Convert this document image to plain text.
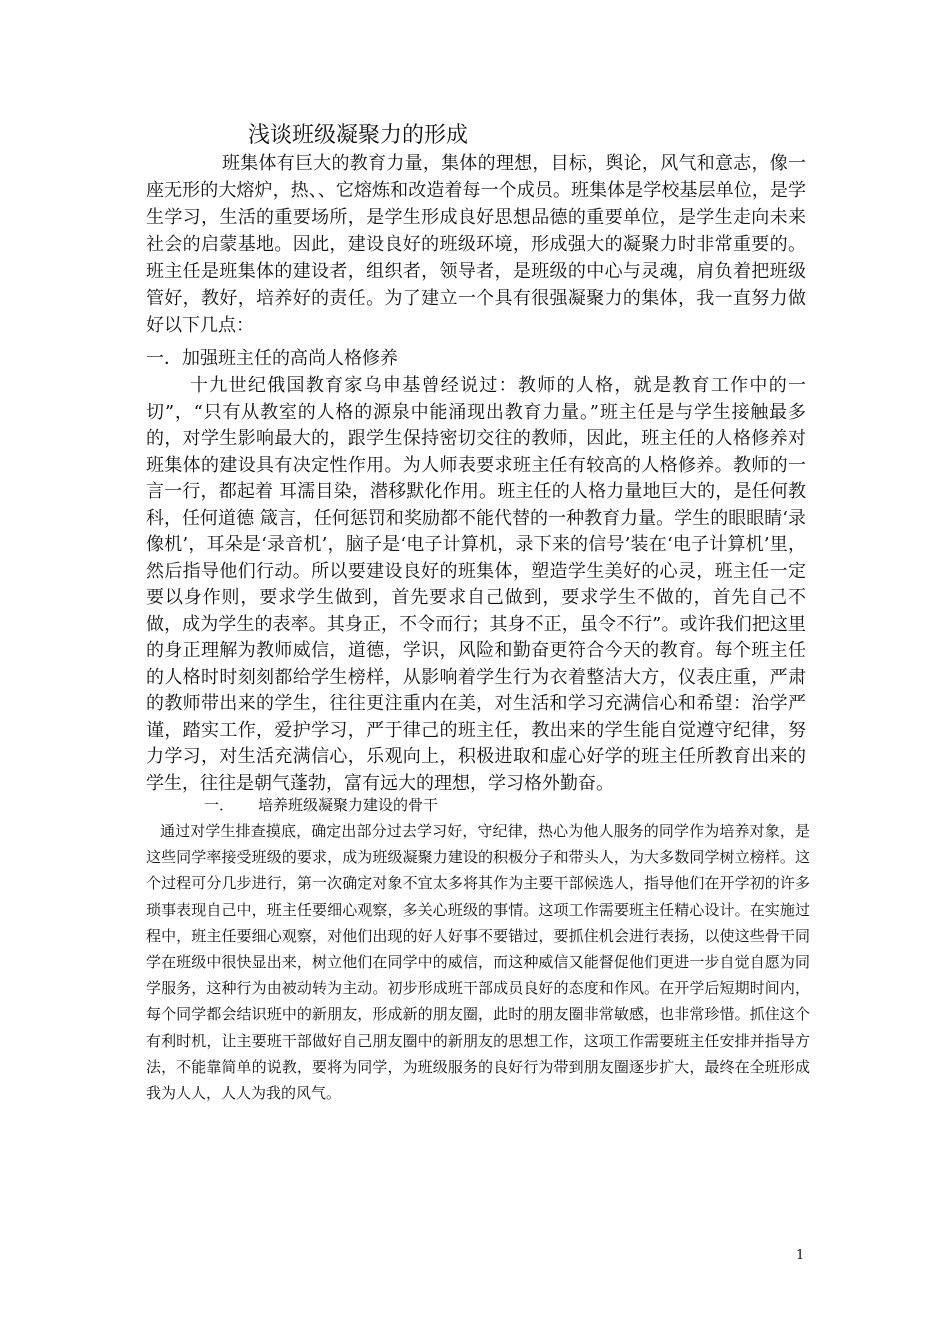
浅谈班级凝聚力的形成

班集体有巨大的教育力量，集体的理想，目标，舆论，风气和意志，像一座无形的大熔炉，热、、它熔炼和改造着每一个成员。班集体是学校基层单位，是学生学习，生活的重要场所，是学生形成良好思想品德的重要单位，是学生走向未来社会的启蒙基地。因此，建设良好的班级环境，形成强大的凝聚力时非常重要的。班主任是班集体的建设者，组织者，领导者，是班级的中心与灵魂，肩负着把班级管好，教好，培养好的责任。为了建立一个具有很强凝聚力的集体，我一直努力做好以下几点：

一．加强班主任的高尚人格修养

十九世纪俄国教育家乌申基曾经说过：教师的人格，就是教育工作中的一切”，“只有从教室的人格的源泉中能涌现出教育力量。”班主任是与学生接触最多的，对学生影响最大的，跟学生保持密切交往的教师，因此，班主任的人格修养对班集体的建设具有决定性作用。为人师表要求班主任有较高的人格修养。教师的一言一行，都起着 耳濡目染，潜移默化作用。班主任的人格力量地巨大的，是任何教科，任何道德 箴言，任何惩罚和奖励都不能代替的一种教育力量。学生的眼眼睛‘录像机’，耳朵是‘录音机’，脑子是‘电子计算机，录下来的信号’装在‘电子计算机’里，然后指导他们行动。所以要建设良好的班集体，塑造学生美好的心灵，班主任一定要以身作则，要求学生做到，首先要求自己做到，要求学生不做的，首先自己不做，成为学生的表率。其身正，不令而行；其身不正，虽令不行”。或许我们把这里的身正理解为教师威信，道德，学识，风险和勤奋更符合今天的教育。每个班主任的人格时时刻刻都给学生榜样，从影响着学生行为衣着整洁大方，仪表庄重，严肃的教师带出来的学生，往往更注重内在美，对生活和学习充满信心和希望：治学严谨，踏实工作，爱护学习，严于律己的班主任，教出来的学生能自觉遵守纪律，努力学习，对生活充满信心，乐观向上，积极进取和虚心好学的班主任所教育出来的学生，往往是朝气蓬勃，富有远大的理想，学习格外勤奋。

一． 培养班级凝聚力建设的骨干

通过对学生排查摸底，确定出部分过去学习好，守纪律，热心为他人服务的同学作为培养对象，是这些同学率接受班级的要求，成为班级凝聚力建设的积极分子和带头人，为大多数同学树立榜样。这个过程可分几步进行，第一次确定对象不宜太多将其作为主要干部候选人，指导他们在开学初的许多琐事表现自己中，班主任要细心观察，多关心班级的事情。这项工作需要班主任精心设计。在实施过程中，班主任要细心观察，对他们出现的好人好事不要错过，要抓住机会进行表扬，以使这些骨干同学在班级中很快显出来，树立他们在同学中的威信，而这种威信又能督促他们更进一步自觉自愿为同学服务，这种行为由被动转为主动。初步形成班干部成员良好的态度和作风。在开学后短期时间内，每个同学都会结识班中的新朋友，形成新的朋友圈，此时的朋友圈非常敏感，也非常珍惜。抓住这个有利时机，让主要班干部做好自己朋友圈中的新朋友的思想工作，这项工作需要班主任安排并指导方法，不能靠简单的说教，要将为同学，为班级服务的良好行为带到朋友圈逐步扩大，最终在全班形成我为人人，人人为我的风气。

1
